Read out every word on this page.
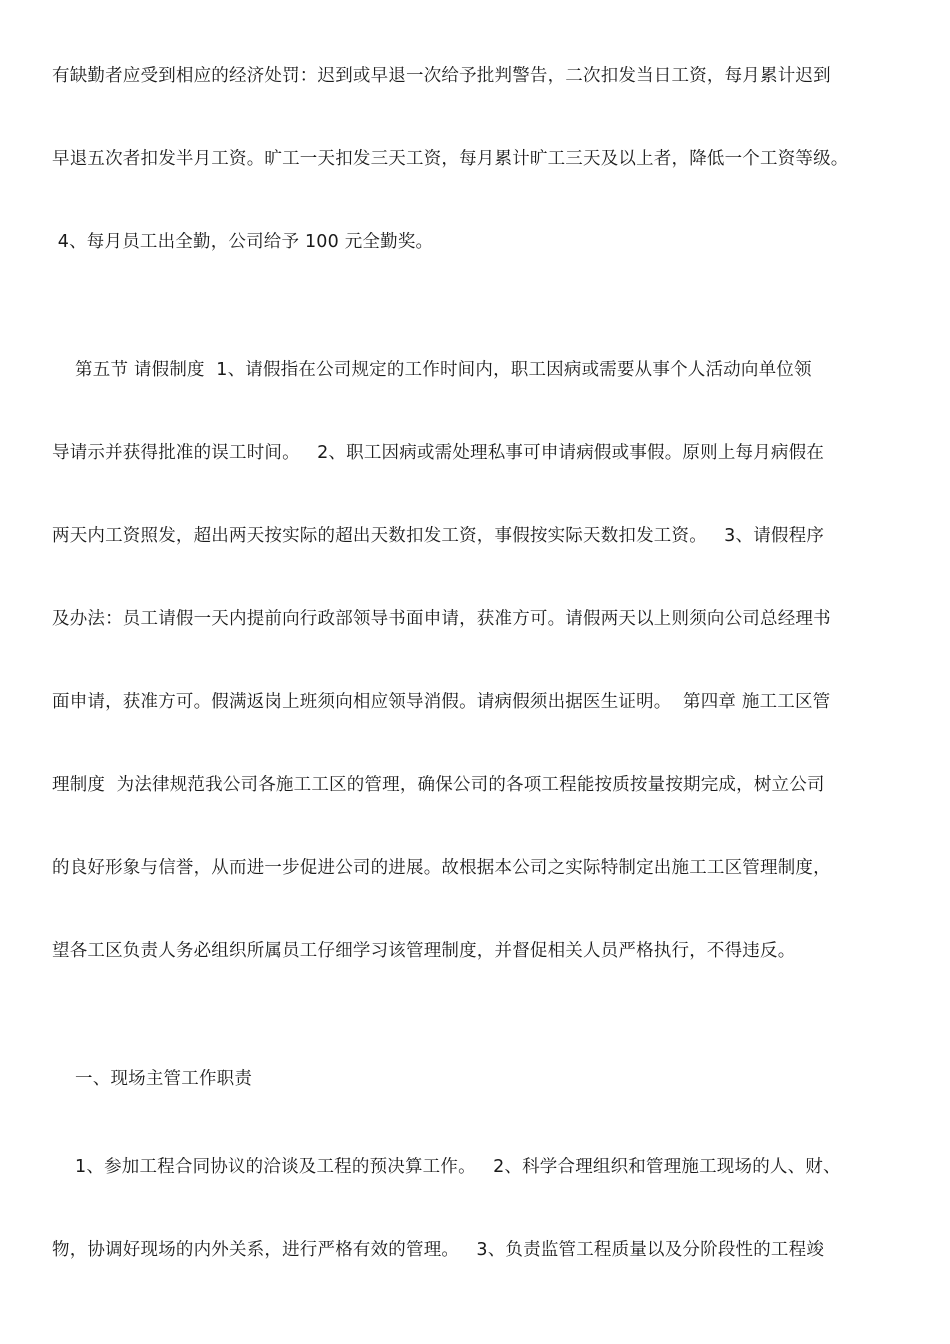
有缺勤者应受到相应的经济处罚：迟到或早退一次给予批判警告，二次扣发当日工资，每月累计迟到
早退五次者扣发半月工资。旷工一天扣发三天工资，每月累计旷工三天及以上者，降低一个工资等级。
4、每月员工出全勤，公司给予 100 元全勤奖。
第五节 请假制度  1、请假指在公司规定的工作时间内，职工因病或需要从事个人活动向单位领
导请示并获得批准的误工时间。   2、职工因病或需处理私事可申请病假或事假。原则上每月病假在
两天内工资照发，超出两天按实际的超出天数扣发工资，事假按实际天数扣发工资。   3、请假程序
及办法：员工请假一天内提前向行政部领导书面申请，获准方可。请假两天以上则须向公司总经理书
面申请，获准方可。假满返岗上班须向相应领导消假。请病假须出据医生证明。  第四章 施工工区管
理制度  为法律规范我公司各施工工区的管理，确保公司的各项工程能按质按量按期完成，树立公司
的良好形象与信誉，从而进一步促进公司的进展。故根据本公司之实际特制定出施工工区管理制度，
望各工区负责人务必组织所属员工仔细学习该管理制度，并督促相关人员严格执行，不得违反。
一、现场主管工作职责
1、参加工程合同协议的洽谈及工程的预决算工作。   2、科学合理组织和管理施工现场的人、财、
物，协调好现场的内外关系，进行严格有效的管理。   3、负责监管工程质量以及分阶段性的工程竣
